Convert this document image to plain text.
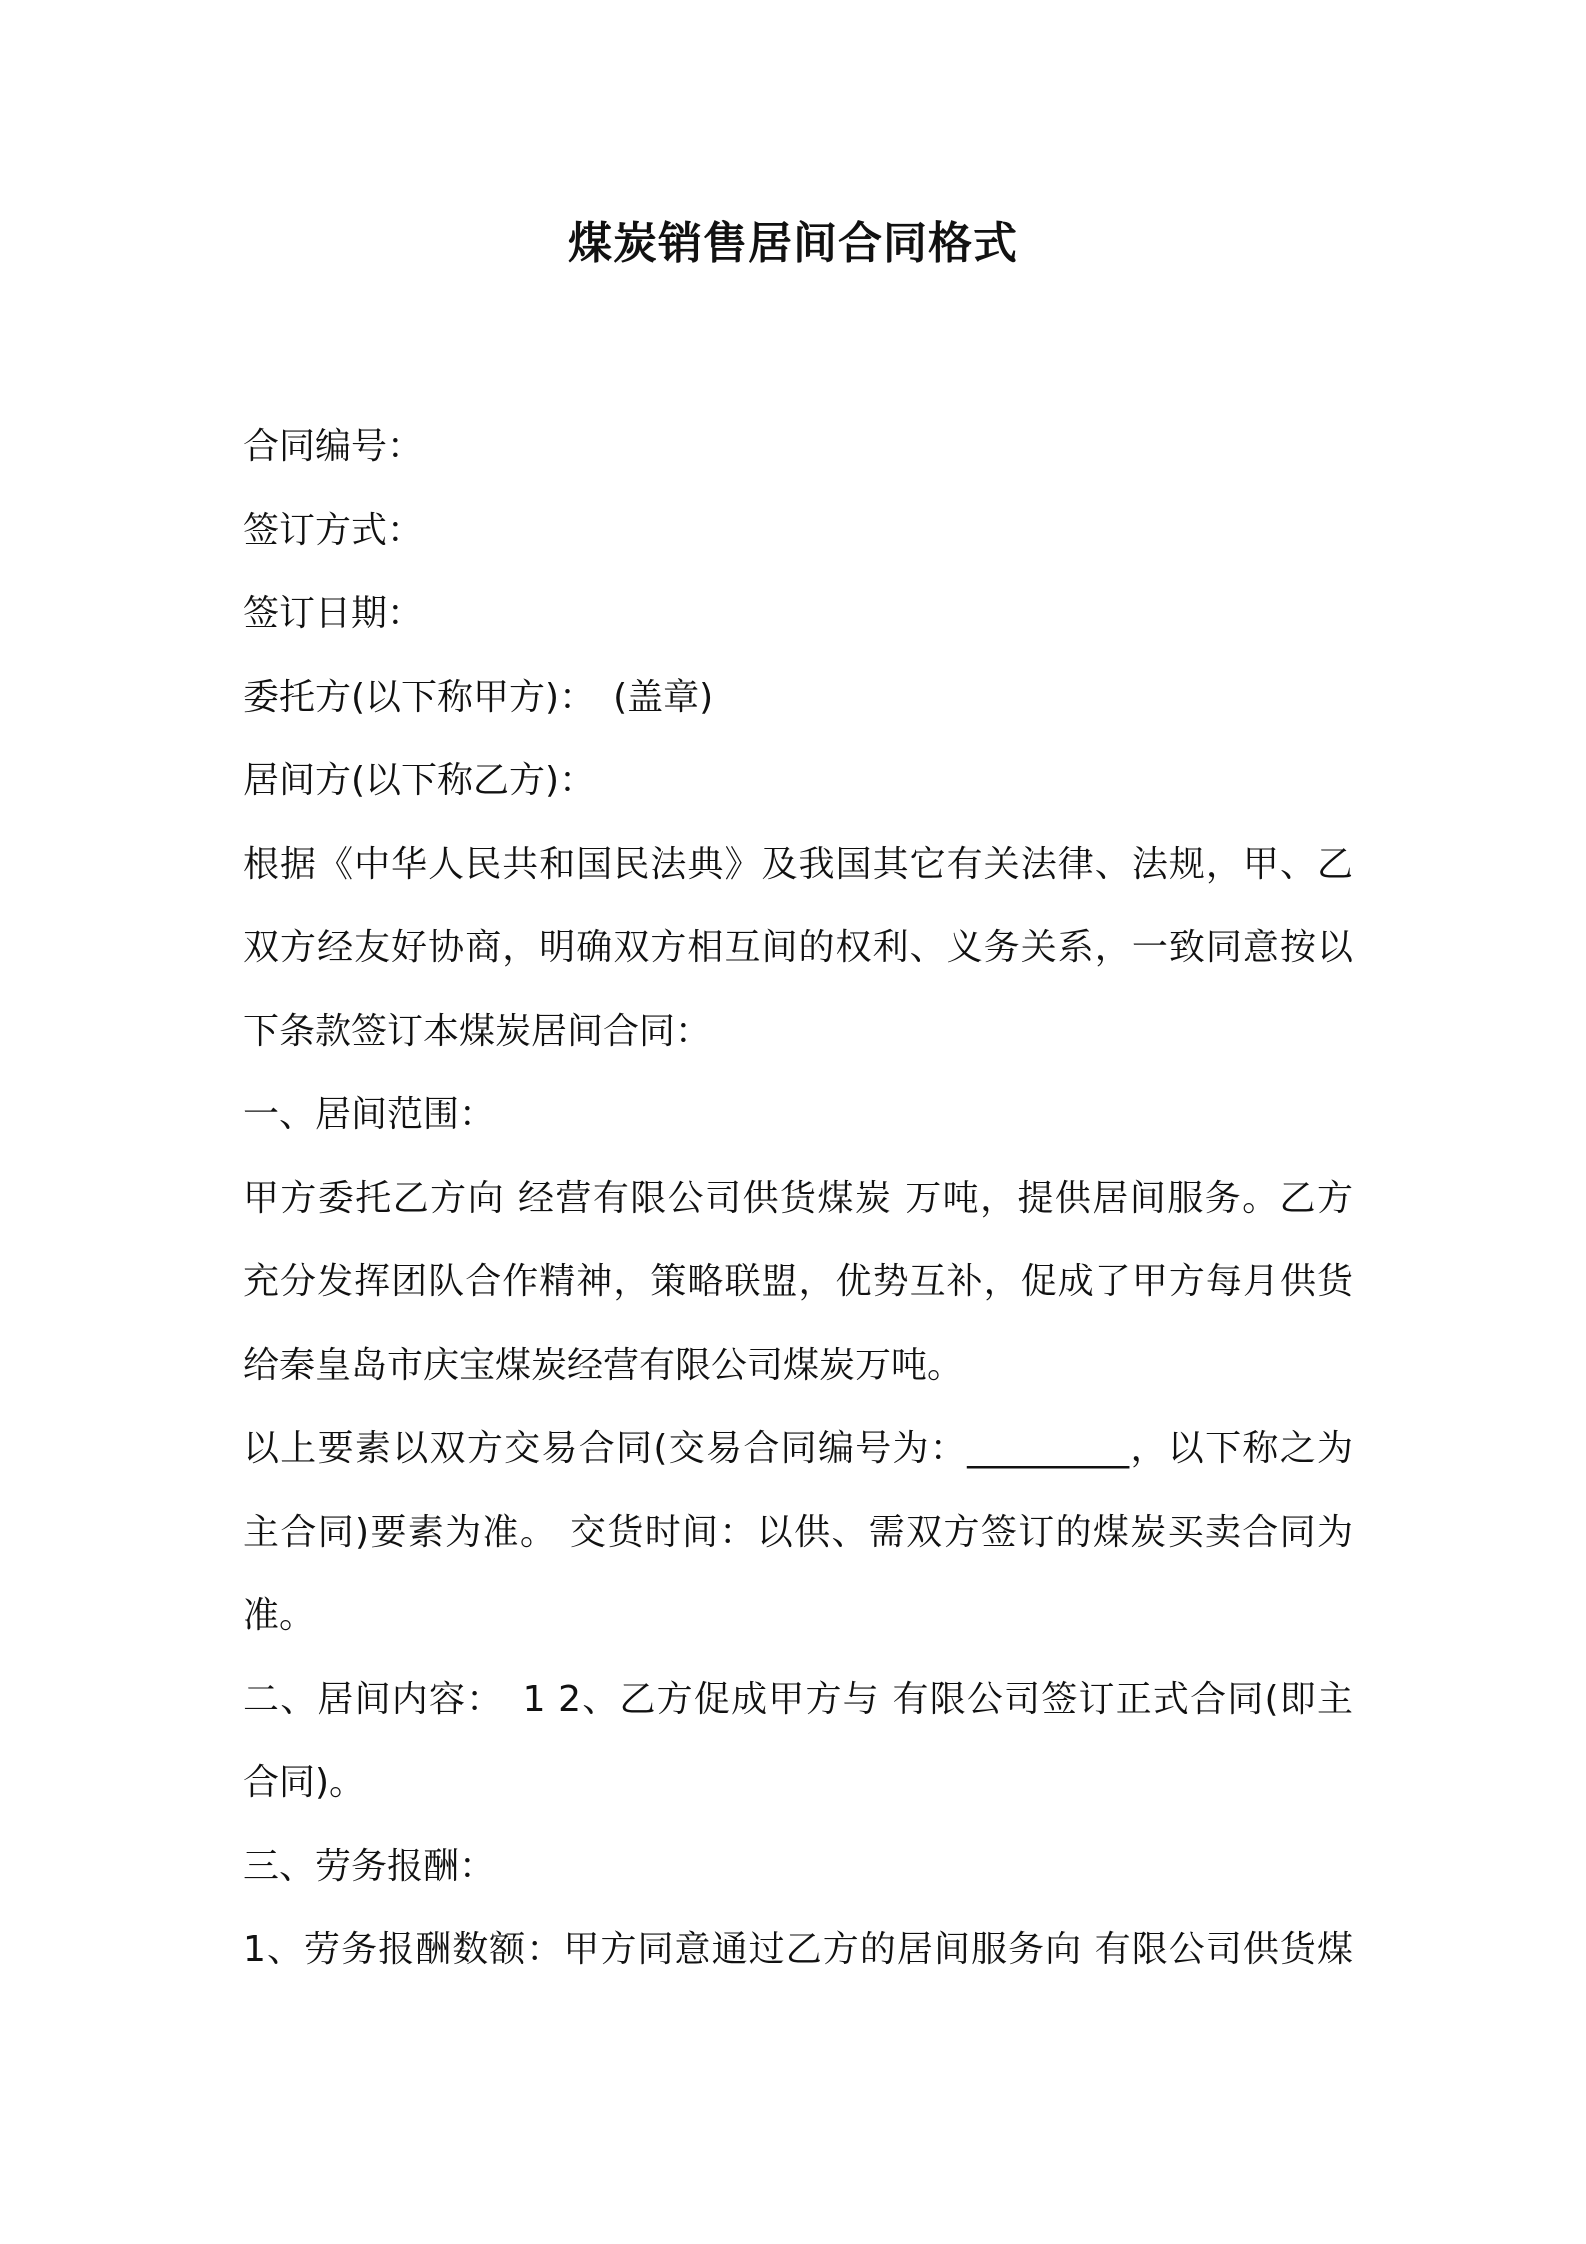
煤炭销售居间合同格式
合同编号：
签订方式：
签订日期：
委托方(以下称甲方)：　(盖章)
居间方(以下称乙方)：
根据《中华人民共和国民法典》及我国其它有关法律、法规，甲、乙
双方经友好协商，明确双方相互间的权利、义务关系，一致同意按以
下条款签订本煤炭居间合同：
一、居间范围：
甲方委托乙方向 经营有限公司供货煤炭 万吨，提供居间服务。乙方
充分发挥团队合作精神，策略联盟，优势互补，促成了甲方每月供货
给秦皇岛市庆宝煤炭经营有限公司煤炭万吨。
以上要素以双方交易合同(交易合同编号为：_________，以下称之为
主合同)要素为准。 交货时间：以供、需双方签订的煤炭买卖合同为
准。
二、居间内容：　1 2、乙方促成甲方与 有限公司签订正式合同(即主
合同)。
三、劳务报酬：
1、劳务报酬数额：甲方同意通过乙方的居间服务向 有限公司供货煤
